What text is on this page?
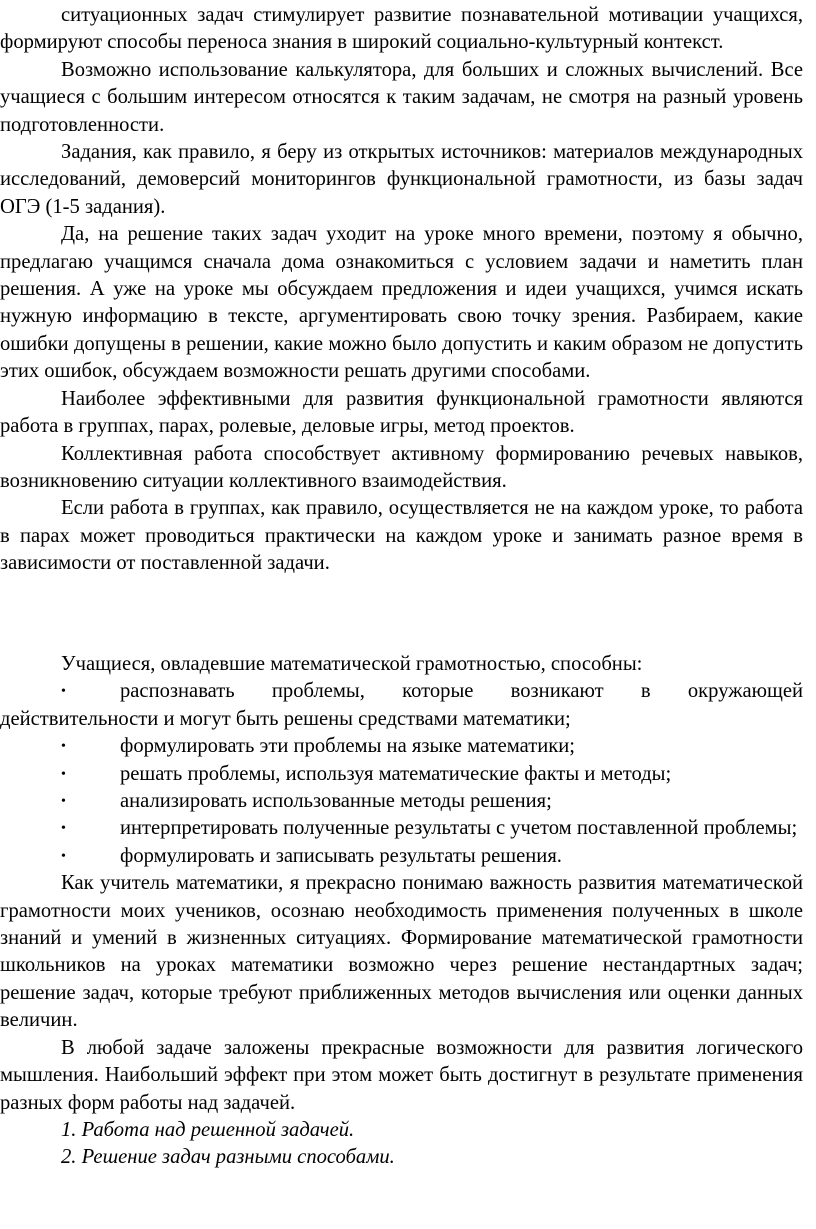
ситуационных задач стимулирует развитие познавательной мотивации учащихся, формируют способы переноса знания в широкий социально-культурный контекст.

Возможно использование калькулятора, для больших и сложных вычислений. Все учащиеся с большим интересом относятся к таким задачам, не смотря на разный уровень подготовленности.

Задания, как правило, я беру из открытых источников: материалов международных исследований, демоверсий мониторингов функциональной грамотности, из базы задач ОГЭ (1-5 задания).

Да, на решение таких задач уходит на уроке много времени, поэтому я обычно, предлагаю учащимся сначала дома ознакомиться с условием задачи и наметить план решения. А уже на уроке мы обсуждаем предложения и идеи учащихся, учимся искать нужную информацию в тексте, аргументировать свою точку зрения. Разбираем, какие ошибки допущены в решении, какие можно было допустить и каким образом не допустить этих ошибок, обсуждаем возможности решать другими способами.

Наиболее эффективными для развития функциональной грамотности являются работа в группах, парах, ролевые, деловые игры, метод проектов.

Коллективная работа способствует активному формированию речевых навыков, возникновению ситуации коллективного взаимодействия.

Если работа в группах, как правило, осуществляется не на каждом уроке, то работа в парах может проводиться практически на каждом уроке и занимать разное время в зависимости от поставленной задачи.

Учащиеся, овладевшие математической грамотностью, способны:

•	распознавать проблемы, которые возникают в окружающей действительности и могут быть решены средствами математики;
•	формулировать эти проблемы на языке математики;
•	решать проблемы, используя математические факты и методы;
•	анализировать использованные методы решения;
•	интерпретировать полученные результаты с учетом поставленной проблемы;
•	формулировать и записывать результаты решения.

Как учитель математики, я прекрасно понимаю важность развития математической грамотности моих учеников, осознаю необходимость применения полученных в школе знаний и умений в жизненных ситуациях. Формирование математической грамотности школьников на уроках математики возможно через решение нестандартных задач; решение задач, которые требуют приближенных методов вычисления или оценки данных величин.

В любой задаче заложены прекрасные возможности для развития логического мышления. Наибольший эффект при этом может быть достигнут в результате применения разных форм работы над задачей.

1. Работа над решенной задачей.

2. Решение задач разными способами.
